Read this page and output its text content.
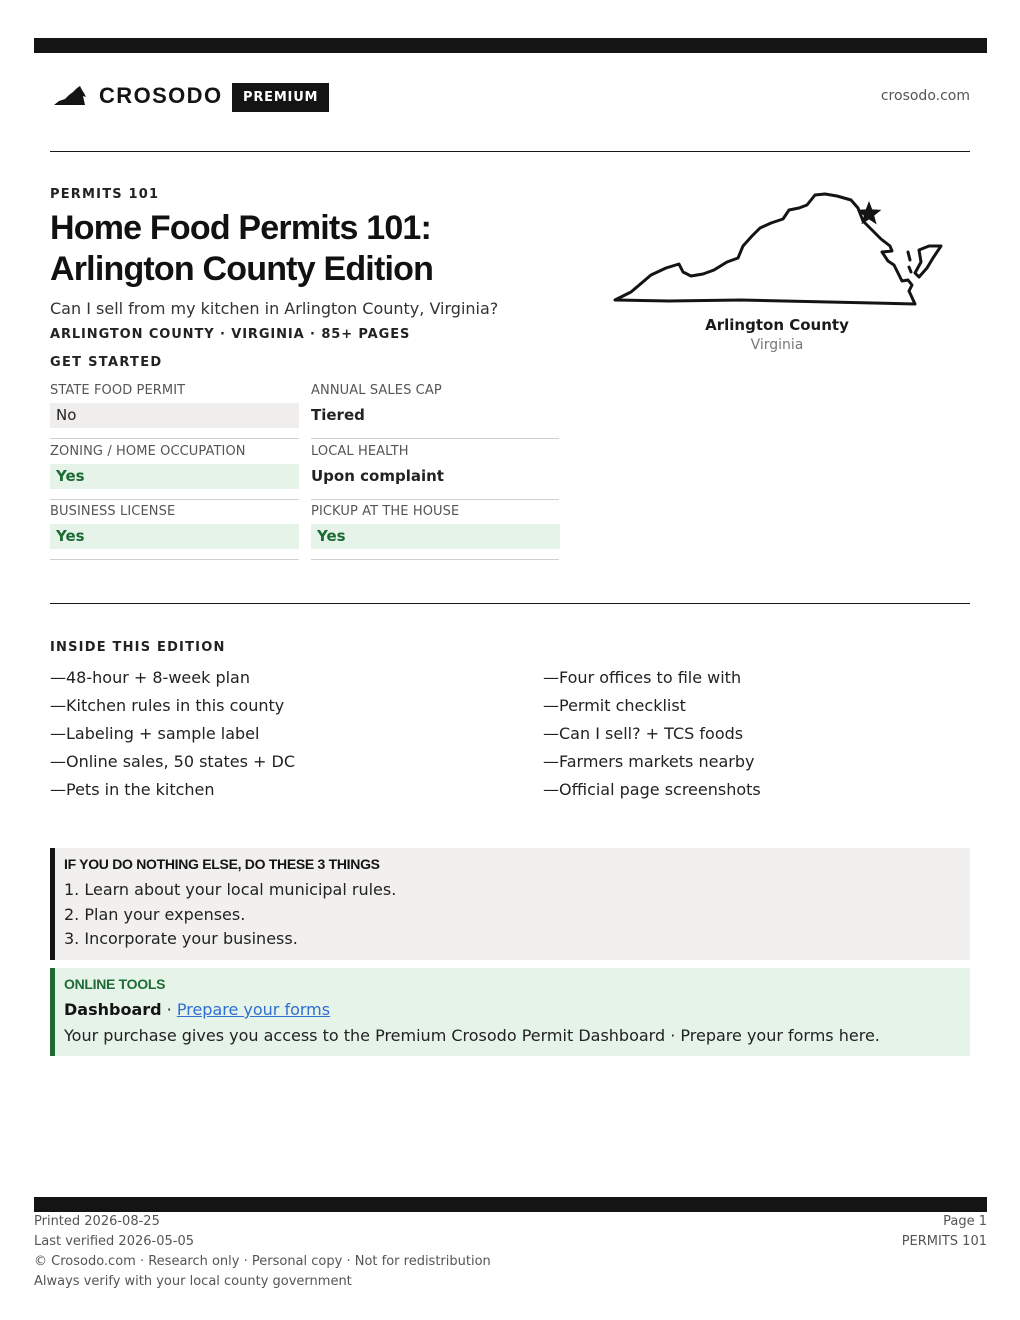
CROSODO	PREMIUM	crosodo.com
PERMITS 101
Home Food Permits 101: Arlington County Edition
Can I sell from my kitchen in Arlington County, Virginia?
ARLINGTON COUNTY · VIRGINIA · 85+ PAGES
GET STARTED
STATE FOOD PERMIT
No
ANNUAL SALES CAP
Tiered
ZONING / HOME OCCUPATION
Yes
LOCAL HEALTH
Upon complaint
BUSINESS LICENSE
Yes
PICKUP AT THE HOUSE
Yes
Arlington County
Virginia
INSIDE THIS EDITION
—48-hour + 8-week plan
—Kitchen rules in this county
—Labeling + sample label
—Online sales, 50 states + DC
—Pets in the kitchen
—Four offices to file with
—Permit checklist
—Can I sell? + TCS foods
—Farmers markets nearby
—Official page screenshots
IF YOU DO NOTHING ELSE, DO THESE 3 THINGS
1. Learn about your local municipal rules.
2. Plan your expenses.
3. Incorporate your business.
ONLINE TOOLS
Dashboard · Prepare your forms
Your purchase gives you access to the Premium Crosodo Permit Dashboard · Prepare your forms here.
Printed 2026-08-25
Last verified 2026-05-05
© Crosodo.com · Research only · Personal copy · Not for redistribution
Always verify with your local county government
Page 1
PERMITS 101
